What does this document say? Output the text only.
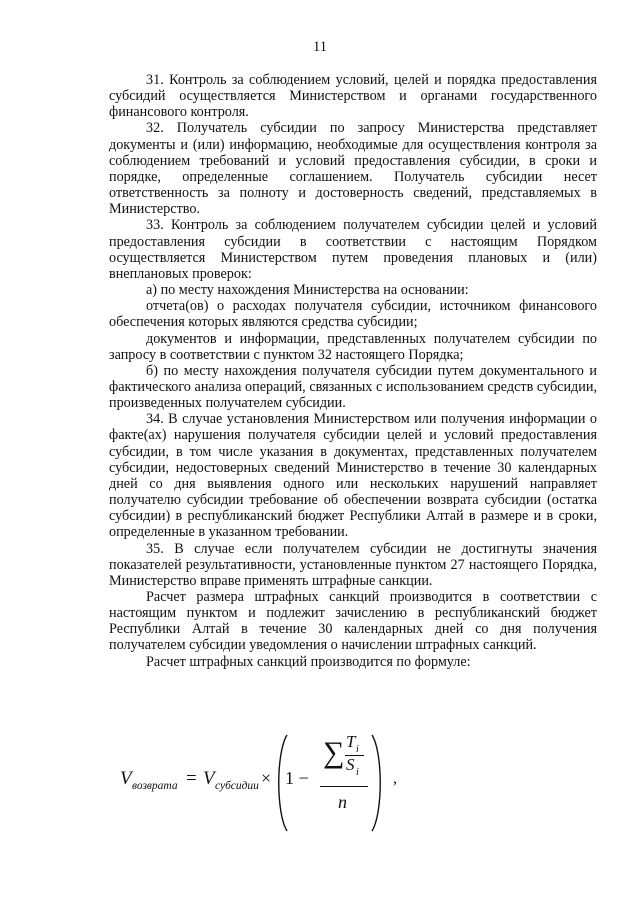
11

31. Контроль за соблюдением условий, целей и порядка предоставления субсидий осуществляется Министерством и органами государственного финансового контроля.

32. Получатель субсидии по запросу Министерства представляет документы и (или) информацию, необходимые для осуществления контроля за соблюдением требований и условий предоставления субсидии, в сроки и порядке, определенные соглашением. Получатель субсидии несет ответственность за полноту и достоверность сведений, представляемых в Министерство.

33. Контроль за соблюдением получателем субсидии целей и условий предоставления субсидии в соответствии с настоящим Порядком осуществляется Министерством путем проведения плановых и (или) внеплановых проверок:

а) по месту нахождения Министерства на основании:

отчета(ов) о расходах получателя субсидии, источником финансового обеспечения которых являются средства субсидии;

документов и информации, представленных получателем субсидии по запросу в соответствии с пунктом 32 настоящего Порядка;

б) по месту нахождения получателя субсидии путем документального и фактического анализа операций, связанных с использованием средств субсидии, произведенных получателем субсидии.

34. В случае установления Министерством или получения информации о факте(ах) нарушения получателя субсидии целей и условий предоставления субсидии, в том числе указания в документах, представленных получателем субсидии, недостоверных сведений Министерство в течение 30 календарных дней со дня выявления одного или нескольких нарушений направляет получателю субсидии требование об обеспечении возврата субсидии (остатка субсидии) в республиканский бюджет Республики Алтай в размере и в сроки, определенные в указанном требовании.

35. В случае если получателем субсидии не достигнуты значения показателей результативности, установленные пунктом 27 настоящего Порядка, Министерство вправе применять штрафные санкции.

Расчет размера штрафных санкций производится в соответствии с настоящим пунктом и подлежит зачислению в республиканский бюджет Республики Алтай в течение 30 календарных дней со дня получения получателем субсидии уведомления о начислении штрафных санкций.

Расчет штрафных санкций производится по формуле:

V возврата = V субсидии × 1 −
∑ T i
S i
n
,
